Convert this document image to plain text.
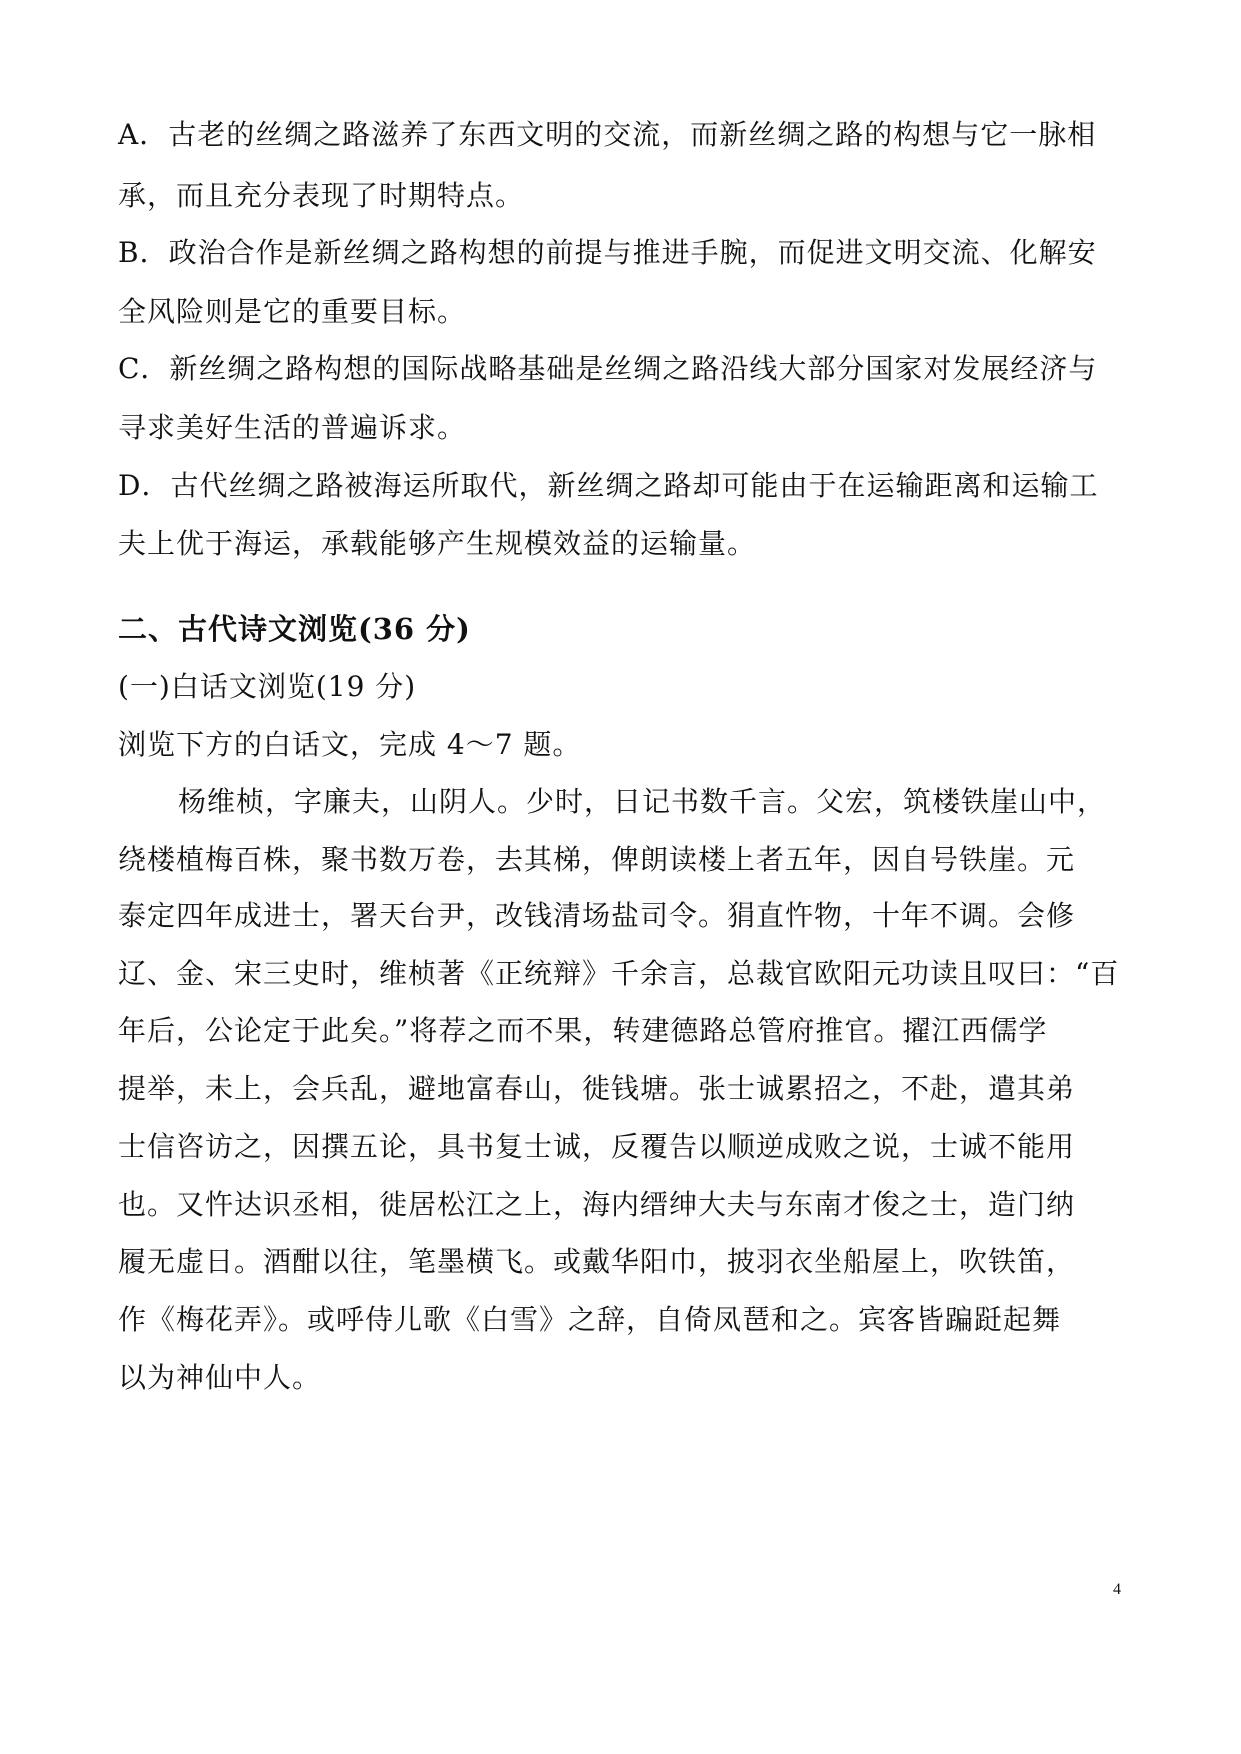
A．古老的丝绸之路滋养了东西文明的交流，而新丝绸之路的构想与它一脉相
承，而且充分表现了时期特点。
B．政治合作是新丝绸之路构想的前提与推进手腕，而促进文明交流、化解安
全风险则是它的重要目标。
C．新丝绸之路构想的国际战略基础是丝绸之路沿线大部分国家对发展经济与
寻求美好生活的普遍诉求。
D．古代丝绸之路被海运所取代，新丝绸之路却可能由于在运输距离和运输工
夫上优于海运，承载能够产生规模效益的运输量。
二、古代诗文浏览(36 分)
(一)白话文浏览(19 分)
浏览下方的白话文，完成 4～7 题。
杨维桢，字廉夫，山阴人。少时，日记书数千言。父宏，筑楼铁崖山中，
绕楼植梅百株，聚书数万卷，去其梯，俾朗读楼上者五年，因自号铁崖。元
泰定四年成进士，署天台尹，改钱清场盐司令。狷直忤物，十年不调。会修
辽、金、宋三史时，维桢著《正统辩》千余言，总裁官欧阳元功读且叹曰：“百
年后，公论定于此矣。”将荐之而不果，转建德路总管府推官。擢江西儒学
提举，未上，会兵乱，避地富春山，徙钱塘。张士诚累招之，不赴，遣其弟
士信咨访之，因撰五论，具书复士诚，反覆告以顺逆成败之说，士诚不能用
也。又忤达识丞相，徙居松江之上，海内缙绅大夫与东南才俊之士，造门纳
履无虚日。酒酣以往，笔墨横飞。或戴华阳巾，披羽衣坐船屋上，吹铁笛，
作《梅花弄》。或呼侍儿歌《白雪》之辞，自倚凤琶和之。宾客皆蹁跹起舞
以为神仙中人。
4
